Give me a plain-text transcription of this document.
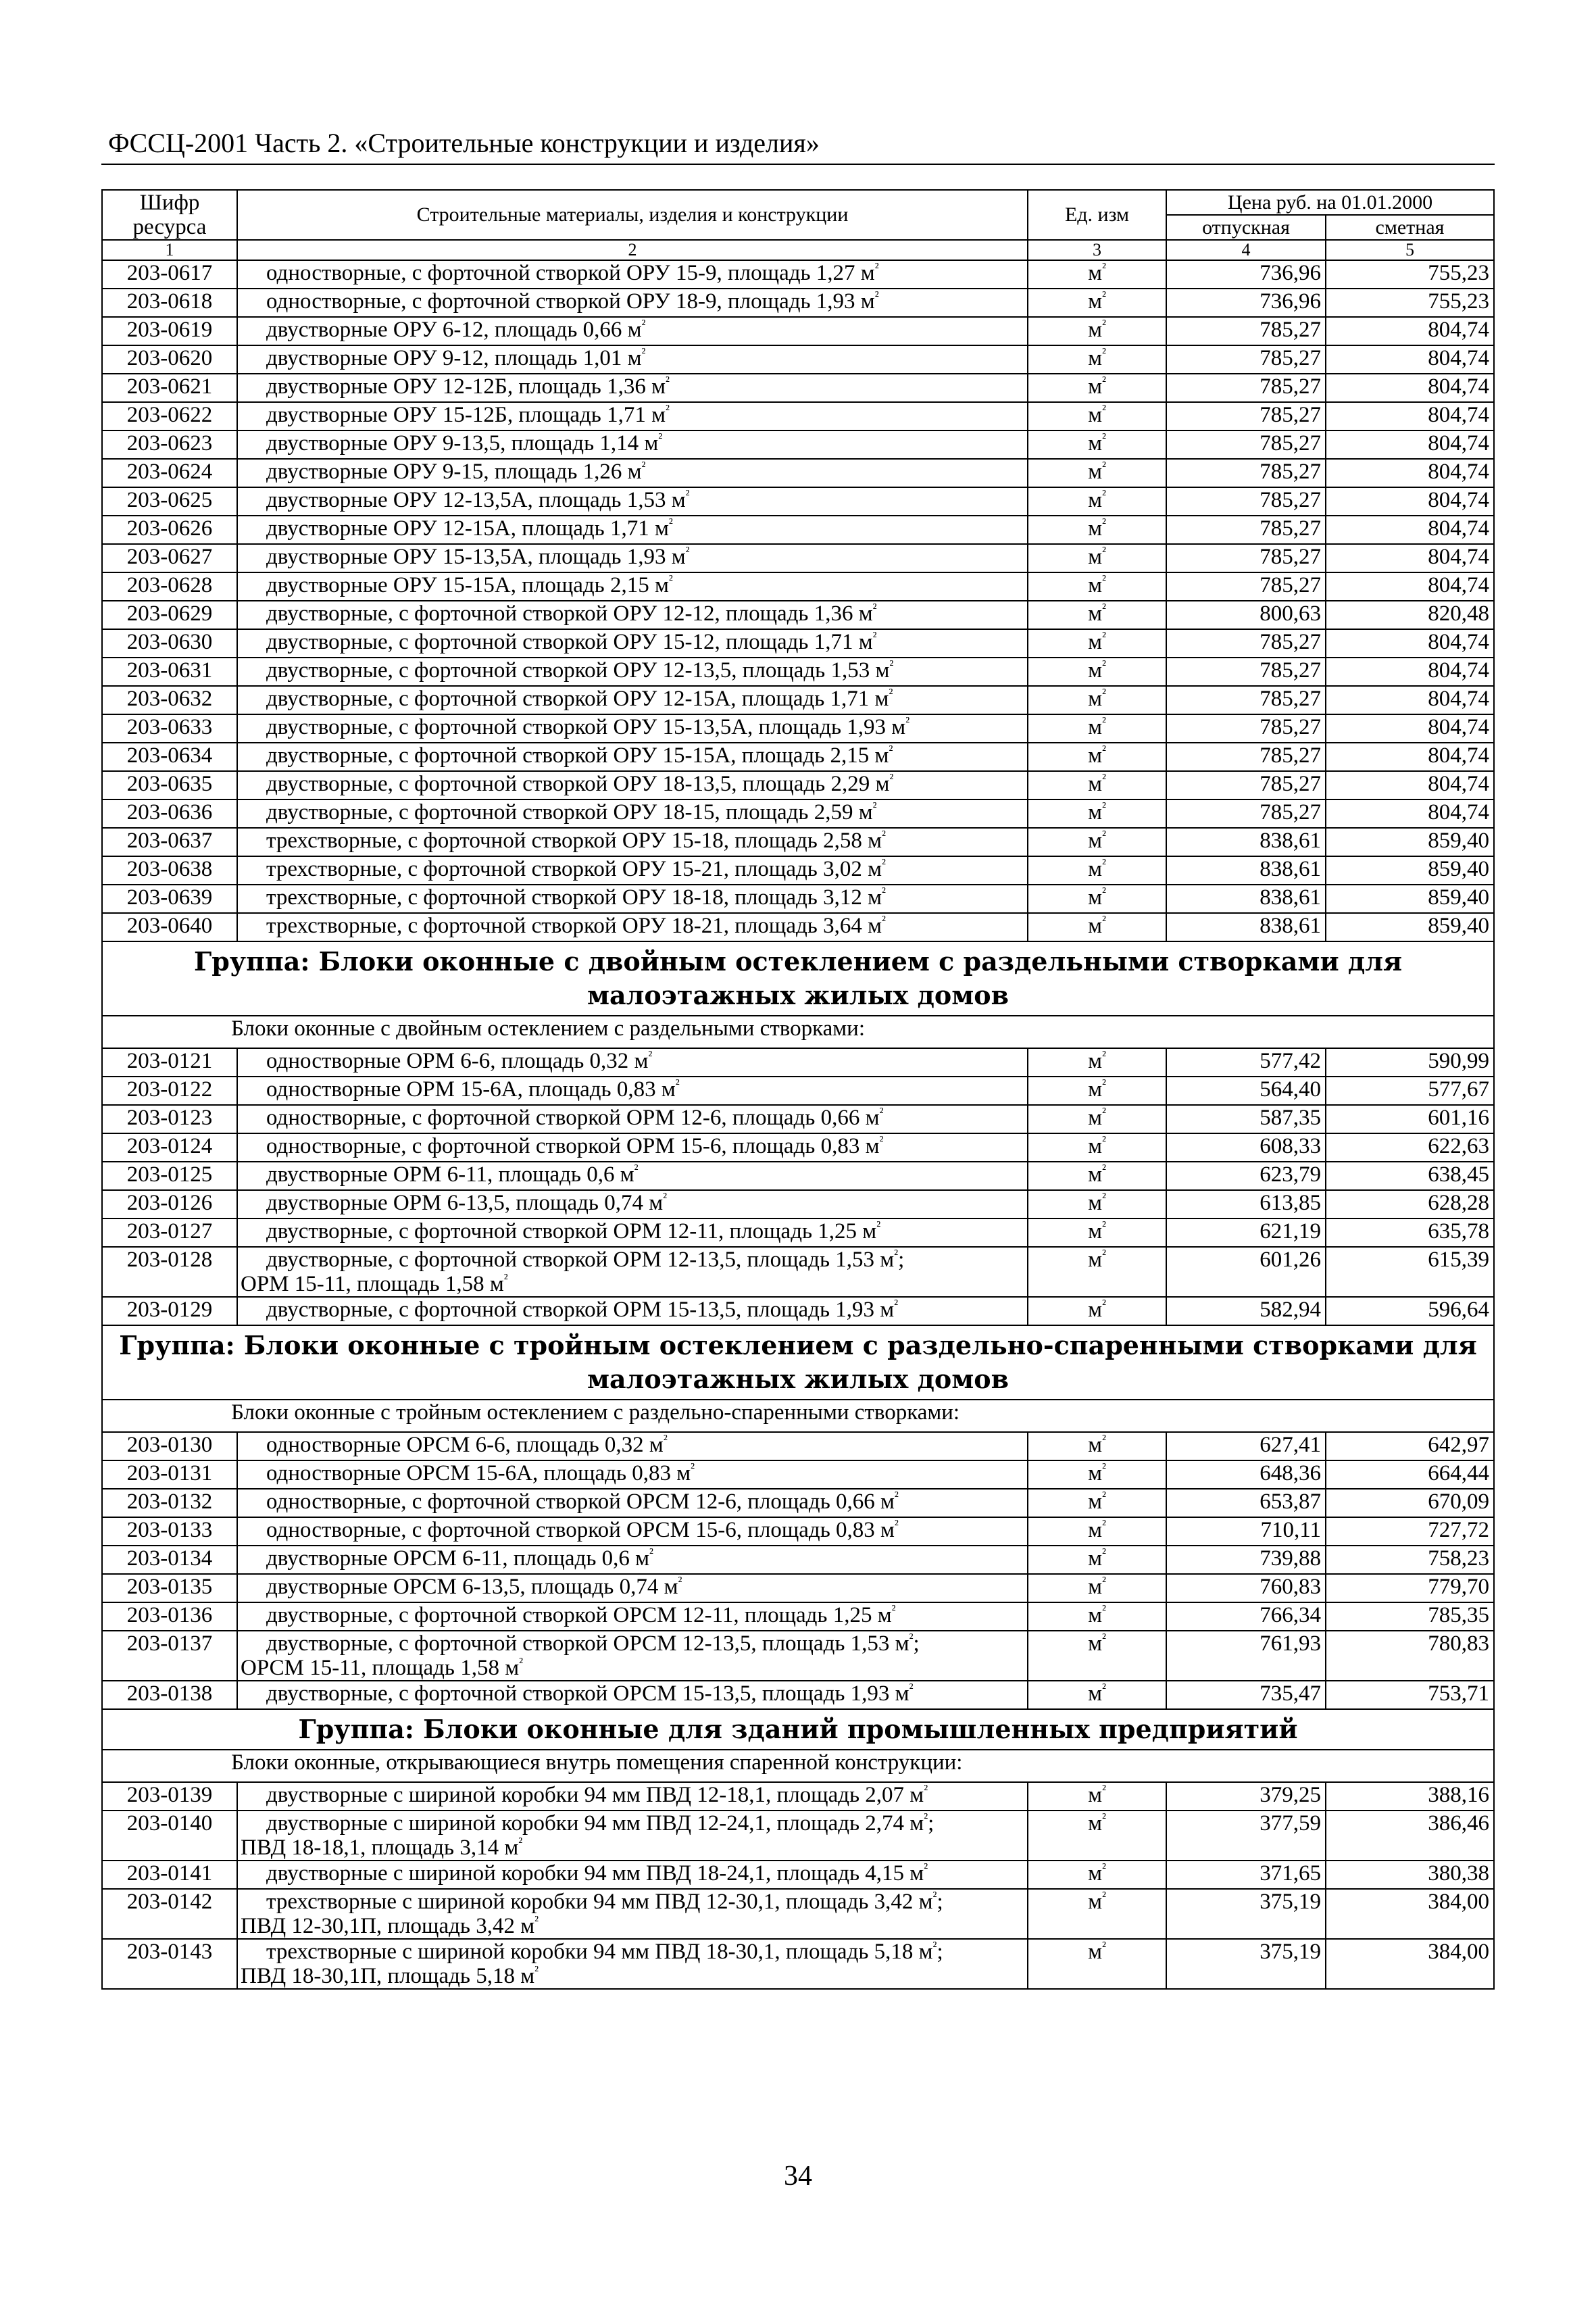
ФССЦ-2001 Часть 2. «Строительные конструкции и изделия»
Шифр ресурса	Строительные материалы, изделия и конструкции	Ед. изм	Цена руб. на 01.01.2000	
			отпускная	сметная
1	2	3	4	5
203-0617	одностворные, с форточной створкой ОРУ 15-9, площадь 1,27 $м^{^2}$	$м^{^2}$	736,96	755,23
203-0618	одностворные, с форточной створкой ОРУ 18-9, площадь 1,93 $м^{^2}$	$м^{^2}$	736,96	755,23
203-0619	двустворные ОРУ 6-12, площадь 0,66 $м^{^2}$	$м^{^2}$	785,27	804,74
203-0620	двустворные ОРУ 9-12, площадь 1,01 $м^{^2}$	$м^{^2}$	785,27	804,74
203-0621	двустворные ОРУ 12-12Б, площадь 1,36 $м^{^2}$	$м^{^2}$	785,27	804,74
203-0622	двустворные ОРУ 15-12Б, площадь 1,71 $м^{^2}$	$м^{^2}$	785,27	804,74
203-0623	двустворные ОРУ 9-13,5, площадь 1,14 $м^{^2}$	$м^{^2}$	785,27	804,74
203-0624	двустворные ОРУ 9-15, площадь 1,26 $м^{^2}$	$м^{^2}$	785,27	804,74
203-0625	двустворные ОРУ 12-13,5А, площадь 1,53 $м^{^2}$	$м^{^2}$	785,27	804,74
203-0626	двустворные ОРУ 12-15А, площадь 1,71 $м^{^2}$	$м^{^2}$	785,27	804,74
203-0627	двустворные ОРУ 15-13,5А, площадь 1,93 $м^{^2}$	$м^{^2}$	785,27	804,74
203-0628	двустворные ОРУ 15-15А, площадь 2,15 $м^{^2}$	$м^{^2}$	785,27	804,74
203-0629	двустворные, с форточной створкой ОРУ 12-12, площадь 1,36 $м^{^2}$	$м^{^2}$	800,63	820,48
203-0630	двустворные, с форточной створкой ОРУ 15-12, площадь 1,71 $м^{^2}$	$м^{^2}$	785,27	804,74
203-0631	двустворные, с форточной створкой ОРУ 12-13,5, площадь 1,53 $м^{^2}$	$м^{^2}$	785,27	804,74
203-0632	двустворные, с форточной створкой ОРУ 12-15А, площадь 1,71 $м^{^2}$	$м^{^2}$	785,27	804,74
203-0633	двустворные, с форточной створкой ОРУ 15-13,5А, площадь 1,93 $м^{^2}$	$м^{^2}$	785,27	804,74
203-0634	двустворные, с форточной створкой ОРУ 15-15А, площадь 2,15 $м^{^2}$	$м^{^2}$	785,27	804,74
203-0635	двустворные, с форточной створкой ОРУ 18-13,5, площадь 2,29 $м^{^2}$	$м^{^2}$	785,27	804,74
203-0636	двустворные, с форточной створкой ОРУ 18-15, площадь 2,59 $м^{^2}$	$м^{^2}$	785,27	804,74
203-0637	трехстворные, с форточной створкой ОРУ 15-18, площадь 2,58 $м^{^2}$	$м^{^2}$	838,61	859,40
203-0638	трехстворные, с форточной створкой ОРУ 15-21, площадь 3,02 $м^{^2}$	$м^{^2}$	838,61	859,40
203-0639	трехстворные, с форточной створкой ОРУ 18-18, площадь 3,12 $м^{^2}$	$м^{^2}$	838,61	859,40
203-0640	трехстворные, с форточной створкой ОРУ 18-21, площадь 3,64 $м^{^2}$	$м^{^2}$	838,61	859,40
Группа: Блоки оконные с двойным остеклением с раздельными створками для малоэтажных жилых домов				
Блоки оконные с двойным остеклением с раздельными створками:				
203-0121	одностворные ОРМ 6-6, площадь 0,32 $м^{^2}$	$м^{^2}$	577,42	590,99
203-0122	одностворные ОРМ 15-6А, площадь 0,83 $м^{^2}$	$м^{^2}$	564,40	577,67
203-0123	одностворные, с форточной створкой ОРМ 12-6, площадь 0,66 $м^{^2}$	$м^{^2}$	587,35	601,16
203-0124	одностворные, с форточной створкой ОРМ 15-6, площадь 0,83 $м^{^2}$	$м^{^2}$	608,33	622,63
203-0125	двустворные ОРМ 6-11, площадь 0,6 $м^{^2}$	$м^{^2}$	623,79	638,45
203-0126	двустворные ОРМ 6-13,5, площадь 0,74 $м^{^2}$	$м^{^2}$	613,85	628,28
203-0127	двустворные, с форточной створкой ОРМ 12-11, площадь 1,25 $м^{^2}$	$м^{^2}$	621,19	635,78
203-0128	двустворные, с форточной створкой ОРМ 12-13,5, площадь 1,53 $м^{^2}$;
ОРМ 15-11, площадь 1,58 $м^{^2}$	$м^{^2}$	601,26	615,39
203-0129	двустворные, с форточной створкой ОРМ 15-13,5, площадь 1,93 $м^{^2}$	$м^{^2}$	582,94	596,64
Группа: Блоки оконные с тройным остеклением с раздельно-спаренными створками для малоэтажных жилых домов				
Блоки оконные с тройным остеклением с раздельно-спаренными створками:				
203-0130	одностворные ОРСМ 6-6, площадь 0,32 $м^{^2}$	$м^{^2}$	627,41	642,97
203-0131	одностворные ОРСМ 15-6А, площадь 0,83 $м^{^2}$	$м^{^2}$	648,36	664,44
203-0132	одностворные, с форточной створкой ОРСМ 12-6, площадь 0,66 $м^{^2}$	$м^{^2}$	653,87	670,09
203-0133	одностворные, с форточной створкой ОРСМ 15-6, площадь 0,83 $м^{^2}$	$м^{^2}$	710,11	727,72
203-0134	двустворные ОРСМ 6-11, площадь 0,6 $м^{^2}$	$м^{^2}$	739,88	758,23
203-0135	двустворные ОРСМ 6-13,5, площадь 0,74 $м^{^2}$	$м^{^2}$	760,83	779,70
203-0136	двустворные, с форточной створкой ОРСМ 12-11, площадь 1,25 $м^{^2}$	$м^{^2}$	766,34	785,35
203-0137	двустворные, с форточной створкой ОРСМ 12-13,5, площадь 1,53 $м^{^2}$;
ОРСМ 15-11, площадь 1,58 $м^{^2}$	$м^{^2}$	761,93	780,83
203-0138	двустворные, с форточной створкой ОРСМ 15-13,5, площадь 1,93 $м^{^2}$	$м^{^2}$	735,47	753,71
Группа: Блоки оконные для зданий промышленных предприятий				
Блоки оконные, открывающиеся внутрь помещения спаренной конструкции:				
203-0139	двустворные с шириной коробки 94 мм ПВД 12-18,1, площадь 2,07 $м^{^2}$	$м^{^2}$	379,25	388,16
203-0140	двустворные с шириной коробки 94 мм ПВД 12-24,1, площадь 2,74 $м^{^2}$;
ПВД 18-18,1, площадь 3,14 $м^{^2}$	$м^{^2}$	377,59	386,46
203-0141	двустворные с шириной коробки 94 мм ПВД 18-24,1, площадь 4,15 $м^{^2}$	$м^{^2}$	371,65	380,38
203-0142	трехстворные с шириной коробки 94 мм ПВД 12-30,1, площадь 3,42 $м^{^2}$;
ПВД 12-30,1П, площадь 3,42 $м^{^2}$	$м^{^2}$	375,19	384,00
203-0143	трехстворные с шириной коробки 94 мм ПВД 18-30,1, площадь 5,18 $м^{^2}$;
ПВД 18-30,1П, площадь 5,18 $м^{^2}$	$м^{^2}$	375,19	384,00
34
